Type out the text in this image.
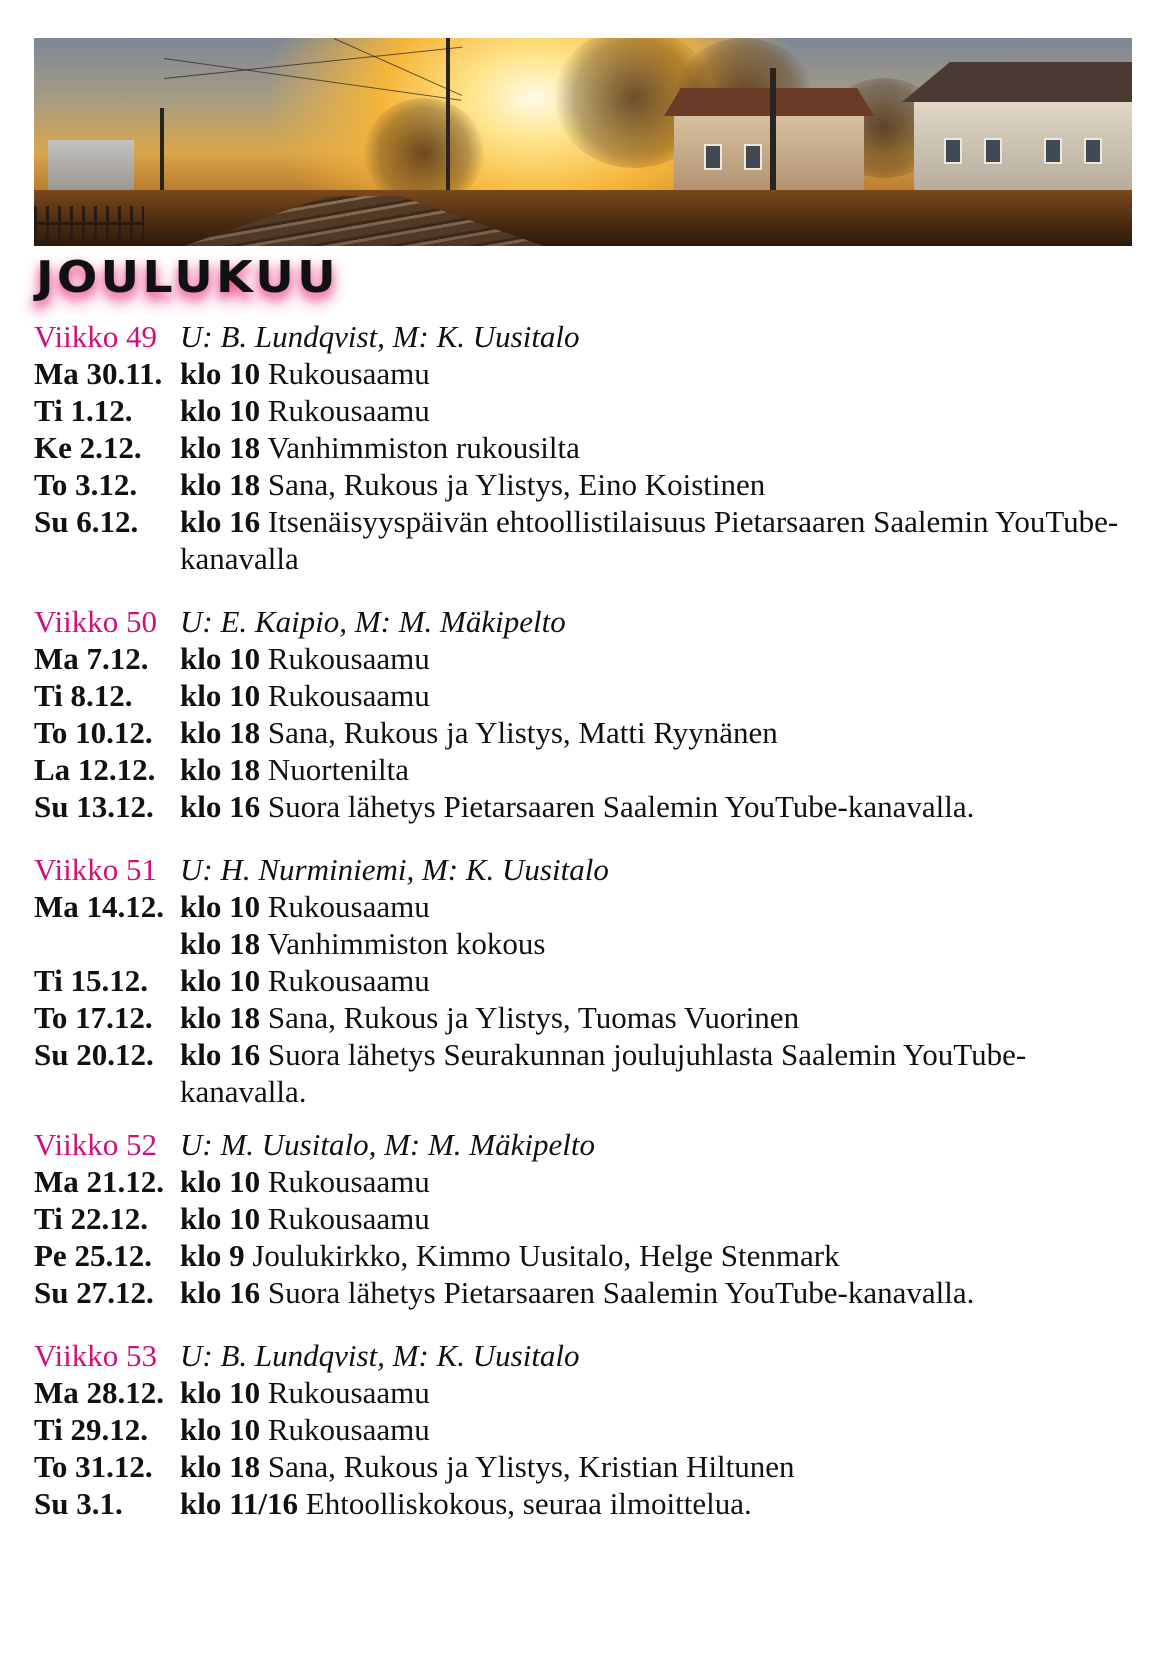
JOULUKUU
Viikko 49 U: B. Lundqvist, M: K. Uusitalo
Ma 30.11. klo 10 Rukousaamu
Ti 1.12.	klo 10 Rukousaamu
Ke 2.12.	klo 18 Vanhimmiston rukousilta
To 3.12.	klo 18 Sana, Rukous ja Ylistys, Eino Koistinen
Su 6.12.	klo 16 Itsenäisyyspäivän ehtoollistilaisuus Pietarsaaren Saalemin YouTube-kanavalla
Viikko 50 U: E. Kaipio, M: M. Mäkipelto
Ma 7.12.	klo 10 Rukousaamu
Ti 8.12.	klo 10 Rukousaamu
To 10.12. klo 18 Sana, Rukous ja Ylistys, Matti Ryynänen
La 12.12. klo 18 Nuortenilta
Su 13.12. klo 16 Suora lähetys Pietarsaaren Saalemin YouTube-kanavalla.
Viikko 51 U: H. Nurminiemi, M: K. Uusitalo
Ma 14.12. klo 10 Rukousaamu
klo 18 Vanhimmiston kokous
Ti 15.12.	klo 10 Rukousaamu
To 17.12. klo 18 Sana, Rukous ja Ylistys, Tuomas Vuorinen
Su 20.12. klo 16 Suora lähetys Seurakunnan joulujuhlasta Saalemin YouTube-kanavalla.
Viikko 52 U: M. Uusitalo, M: M. Mäkipelto
Ma 21.12. klo 10 Rukousaamu
Ti 22.12.	klo 10 Rukousaamu
Pe 25.12. klo 9 Joulukirkko, Kimmo Uusitalo, Helge Stenmark
Su 27.12. klo 16 Suora lähetys Pietarsaaren Saalemin YouTube-kanavalla.
Viikko 53 U: B. Lundqvist, M: K. Uusitalo
Ma 28.12. klo 10 Rukousaamu
Ti 29.12.	klo 10 Rukousaamu
To 31.12. klo 18 Sana, Rukous ja Ylistys, Kristian Hiltunen
Su 3.1.	klo 11/16 Ehtoolliskokous, seuraa ilmoittelua.
